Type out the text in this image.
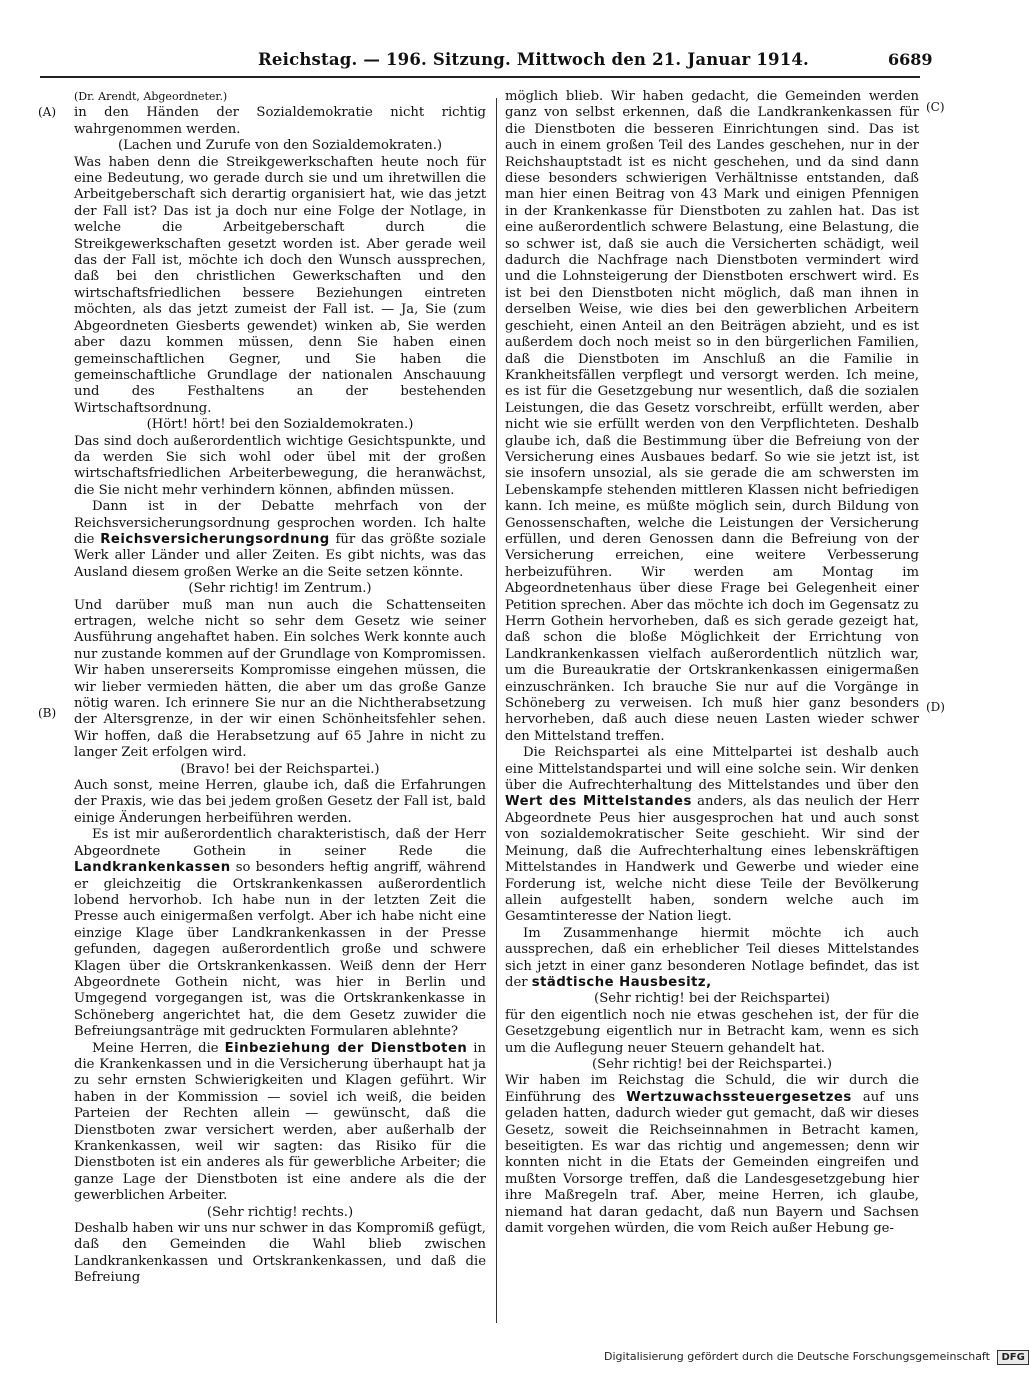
Reichstag. — 196. Sitzung. Mittwoch den 21. Januar 1914.	6689
(A)
(B)
(C)
(D)

(Dr. Arendt, Abgeordneter.)

in den Händen der Sozialdemokratie nicht richtig wahrgenommen werden.

(Lachen und Zurufe von den Sozialdemokraten.)

Was haben denn die Streikgewerkschaften heute noch für eine Bedeutung, wo gerade durch sie und um ihretwillen die Arbeitgeberschaft sich derartig organisiert hat, wie das jetzt der Fall ist? Das ist ja doch nur eine Folge der Notlage, in welche die Arbeitgeberschaft durch die Streikgewerkschaften gesetzt worden ist. Aber gerade weil das der Fall ist, möchte ich doch den Wunsch aussprechen, daß bei den christlichen Gewerkschaften und den wirtschaftsfriedlichen bessere Beziehungen eintreten möchten, als das jetzt zumeist der Fall ist. — Ja, Sie (zum Abgeordneten Giesberts gewendet) winken ab, Sie werden aber dazu kommen müssen, denn Sie haben einen gemeinschaftlichen Gegner, und Sie haben die gemeinschaftliche Grundlage der nationalen Anschauung und des Festhaltens an der bestehenden Wirtschaftsordnung.

(Hört! hört! bei den Sozialdemokraten.)

Das sind doch außerordentlich wichtige Gesichtspunkte, und da werden Sie sich wohl oder übel mit der großen wirtschaftsfriedlichen Arbeiterbewegung, die heranwächst, die Sie nicht mehr verhindern können, abfinden müssen.

Dann ist in der Debatte mehrfach von der Reichsversicherungsordnung gesprochen worden. Ich halte die Reichsversicherungsordnung für das größte soziale Werk aller Länder und aller Zeiten. Es gibt nichts, was das Ausland diesem großen Werke an die Seite setzen könnte.

(Sehr richtig! im Zentrum.)

Und darüber muß man nun auch die Schattenseiten ertragen, welche nicht so sehr dem Gesetz wie seiner Ausführung angehaftet haben. Ein solches Werk konnte auch nur zustande kommen auf der Grundlage von Kompromissen. Wir haben unsererseits Kompromisse eingehen müssen, die wir lieber vermieden hätten, die aber um das große Ganze nötig waren. Ich erinnere Sie nur an die Nichtherabsetzung der Altersgrenze, in der wir einen Schönheitsfehler sehen. Wir hoffen, daß die Herabsetzung auf 65 Jahre in nicht zu langer Zeit erfolgen wird.

(Bravo! bei der Reichspartei.)

Auch sonst, meine Herren, glaube ich, daß die Erfahrungen der Praxis, wie das bei jedem großen Gesetz der Fall ist, bald einige Änderungen herbeiführen werden.

Es ist mir außerordentlich charakteristisch, daß der Herr Abgeordnete Gothein in seiner Rede die Landkrankenkassen so besonders heftig angriff, während er gleichzeitig die Ortskrankenkassen außerordentlich lobend hervorhob. Ich habe nun in der letzten Zeit die Presse auch einigermaßen verfolgt. Aber ich habe nicht eine einzige Klage über Landkrankenkassen in der Presse gefunden, dagegen außerordentlich große und schwere Klagen über die Ortskrankenkassen. Weiß denn der Herr Abgeordnete Gothein nicht, was hier in Berlin und Umgegend vorgegangen ist, was die Ortskrankenkasse in Schöneberg angerichtet hat, die dem Gesetz zuwider die Befreiungsanträge mit gedruckten Formularen ablehnte?

Meine Herren, die Einbeziehung der Dienstboten in die Krankenkassen und in die Versicherung überhaupt hat ja zu sehr ernsten Schwierigkeiten und Klagen geführt. Wir haben in der Kommission — soviel ich weiß, die beiden Parteien der Rechten allein — gewünscht, daß die Dienstboten zwar versichert werden, aber außerhalb der Krankenkassen, weil wir sagten: das Risiko für die Dienstboten ist ein anderes als für gewerbliche Arbeiter; die ganze Lage der Dienstboten ist eine andere als die der gewerblichen Arbeiter.

(Sehr richtig! rechts.)

Deshalb haben wir uns nur schwer in das Kompromiß gefügt, daß den Gemeinden die Wahl blieb zwischen Landkrankenkassen und Ortskrankenkassen, und daß die Befreiung

möglich blieb. Wir haben gedacht, die Gemeinden werden ganz von selbst erkennen, daß die Landkrankenkassen für die Dienstboten die besseren Einrichtungen sind. Das ist auch in einem großen Teil des Landes geschehen, nur in der Reichshauptstadt ist es nicht geschehen, und da sind dann diese besonders schwierigen Verhältnisse entstanden, daß man hier einen Beitrag von 43 Mark und einigen Pfennigen in der Krankenkasse für Dienstboten zu zahlen hat. Das ist eine außerordentlich schwere Belastung, eine Belastung, die so schwer ist, daß sie auch die Versicherten schädigt, weil dadurch die Nachfrage nach Dienstboten vermindert wird und die Lohnsteigerung der Dienstboten erschwert wird. Es ist bei den Dienstboten nicht möglich, daß man ihnen in derselben Weise, wie dies bei den gewerblichen Arbeitern geschieht, einen Anteil an den Beiträgen abzieht, und es ist außerdem doch noch meist so in den bürgerlichen Familien, daß die Dienstboten im Anschluß an die Familie in Krankheitsfällen verpflegt und versorgt werden. Ich meine, es ist für die Gesetzgebung nur wesentlich, daß die sozialen Leistungen, die das Gesetz vorschreibt, erfüllt werden, aber nicht wie sie erfüllt werden von den Verpflichteten. Deshalb glaube ich, daß die Bestimmung über die Befreiung von der Versicherung eines Ausbaues bedarf. So wie sie jetzt ist, ist sie insofern unsozial, als sie gerade die am schwersten im Lebenskampfe stehenden mittleren Klassen nicht befriedigen kann. Ich meine, es müßte möglich sein, durch Bildung von Genossenschaften, welche die Leistungen der Versicherung erfüllen, und deren Genossen dann die Befreiung von der Versicherung erreichen, eine weitere Verbesserung herbeizuführen. Wir werden am Montag im Abgeordnetenhaus über diese Frage bei Gelegenheit einer Petition sprechen. Aber das möchte ich doch im Gegensatz zu Herrn Gothein hervorheben, daß es sich gerade gezeigt hat, daß schon die bloße Möglichkeit der Errichtung von Landkrankenkassen vielfach außerordentlich nützlich war, um die Bureaukratie der Ortskrankenkassen einigermaßen einzuschränken. Ich brauche Sie nur auf die Vorgänge in Schöneberg zu verweisen. Ich muß hier ganz besonders hervorheben, daß auch diese neuen Lasten wieder schwer den Mittelstand treffen.

Die Reichspartei als eine Mittelpartei ist deshalb auch eine Mittelstandspartei und will eine solche sein. Wir denken über die Aufrechterhaltung des Mittelstandes und über den Wert des Mittelstandes anders, als das neulich der Herr Abgeordnete Peus hier ausgesprochen hat und auch sonst von sozialdemokratischer Seite geschieht. Wir sind der Meinung, daß die Aufrechterhaltung eines lebenskräftigen Mittelstandes in Handwerk und Gewerbe und wieder eine Forderung ist, welche nicht diese Teile der Bevölkerung allein aufgestellt haben, sondern welche auch im Gesamtinteresse der Nation liegt.

Im Zusammenhange hiermit möchte ich auch aussprechen, daß ein erheblicher Teil dieses Mittelstandes sich jetzt in einer ganz besonderen Notlage befindet, das ist der städtische Hausbesitz,

(Sehr richtig! bei der Reichspartei)

für den eigentlich noch nie etwas geschehen ist, der für die Gesetzgebung eigentlich nur in Betracht kam, wenn es sich um die Auflegung neuer Steuern gehandelt hat.

(Sehr richtig! bei der Reichspartei.)

Wir haben im Reichstag die Schuld, die wir durch die Einführung des Wertzuwachssteuergesetzes auf uns geladen hatten, dadurch wieder gut gemacht, daß wir dieses Gesetz, soweit die Reichseinnahmen in Betracht kamen, beseitigten. Es war das richtig und angemessen; denn wir konnten nicht in die Etats der Gemeinden eingreifen und mußten Vorsorge treffen, daß die Landesgesetzgebung hier ihre Maßregeln traf. Aber, meine Herren, ich glaube, niemand hat daran gedacht, daß nun Bayern und Sachsen damit vorgehen würden, die vom Reich außer Hebung ge-

Digitalisierung gefördert durch die Deutsche Forschungsgemeinschaft DFG
